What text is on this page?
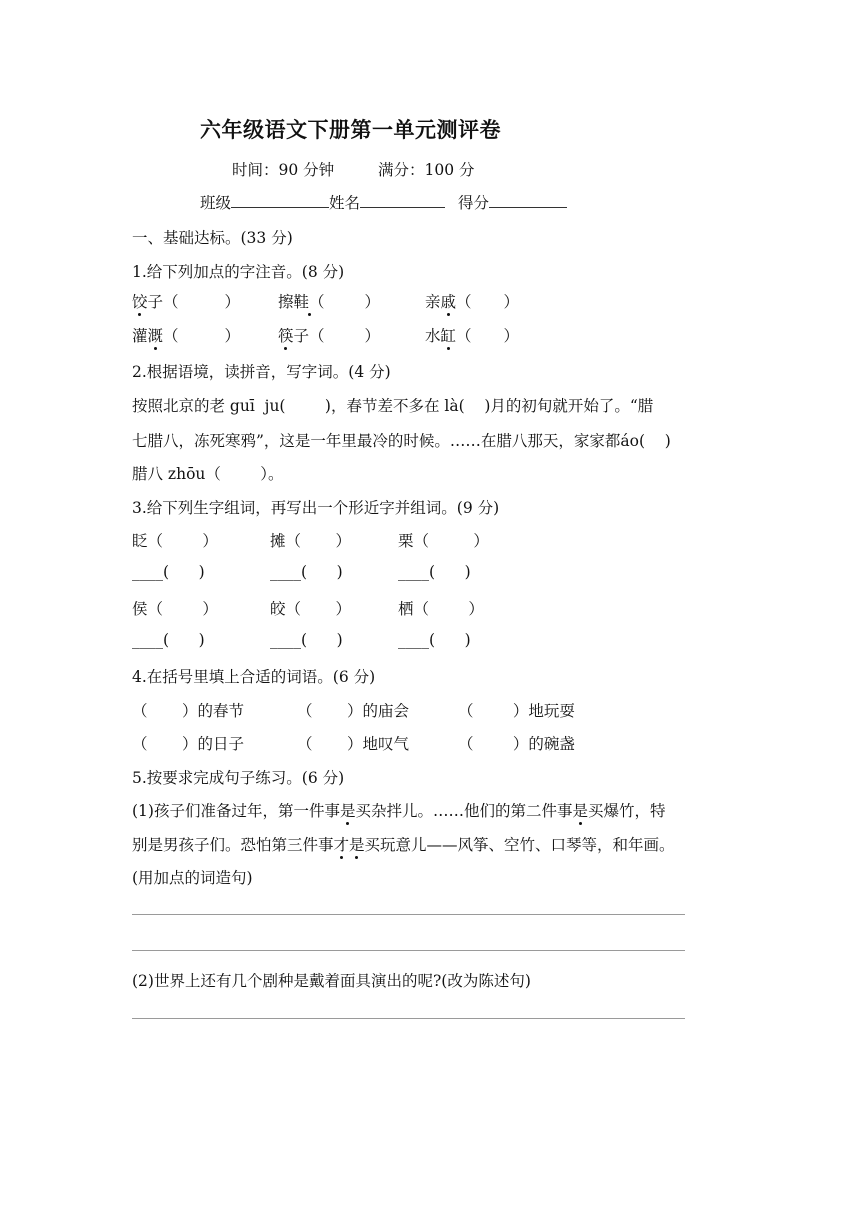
六年级语文下册第一单元测评卷
时间：90 分钟	满分：100 分
班级	姓名	得分
一、基础达标。(33 分)
1.给下列加点的字注音。(8 分)
饺子（	） 擦鞋（	）	亲戚（ ）
灌溉（	） 筷子（	）	水缸（ ）
2.根据语境，读拼音，写字词。(4 分)
按照北京的老 guī  ju(        )，春节差不多在 là(    )月的初旬就开始了。“腊
七腊八，冻死寒鸦”，这是一年里最冷的时候。……在腊八那天，家家都áo(    )
腊八 zhōu（        ）。
3.给下列生字组词，再写出一个形近字并组词。(9 分)
眨（        ）	摊（       ）	栗（         ）
____(      )	____(      )	____(      )
侯（        ）	皎（       ）	栖（        ）
____(      )	____(      )	____(      )
4.在括号里填上合适的词语。(6 分)
（       ）的春节	（       ）的庙会	（        ）地玩耍
（       ）的日子	（       ）地叹气	（        ）的碗盏
5.按要求完成句子练习。(6 分)
(1)孩子们准备过年，第一件事是买杂拌儿。……他们的第二件事是买爆竹，特
别是男孩子们。恐怕第三件事才是买玩意儿——风筝、空竹、口琴等，和年画。
(用加点的词造句)
(2)世界上还有几个剧种是戴着面具演出的呢?(改为陈述句)
